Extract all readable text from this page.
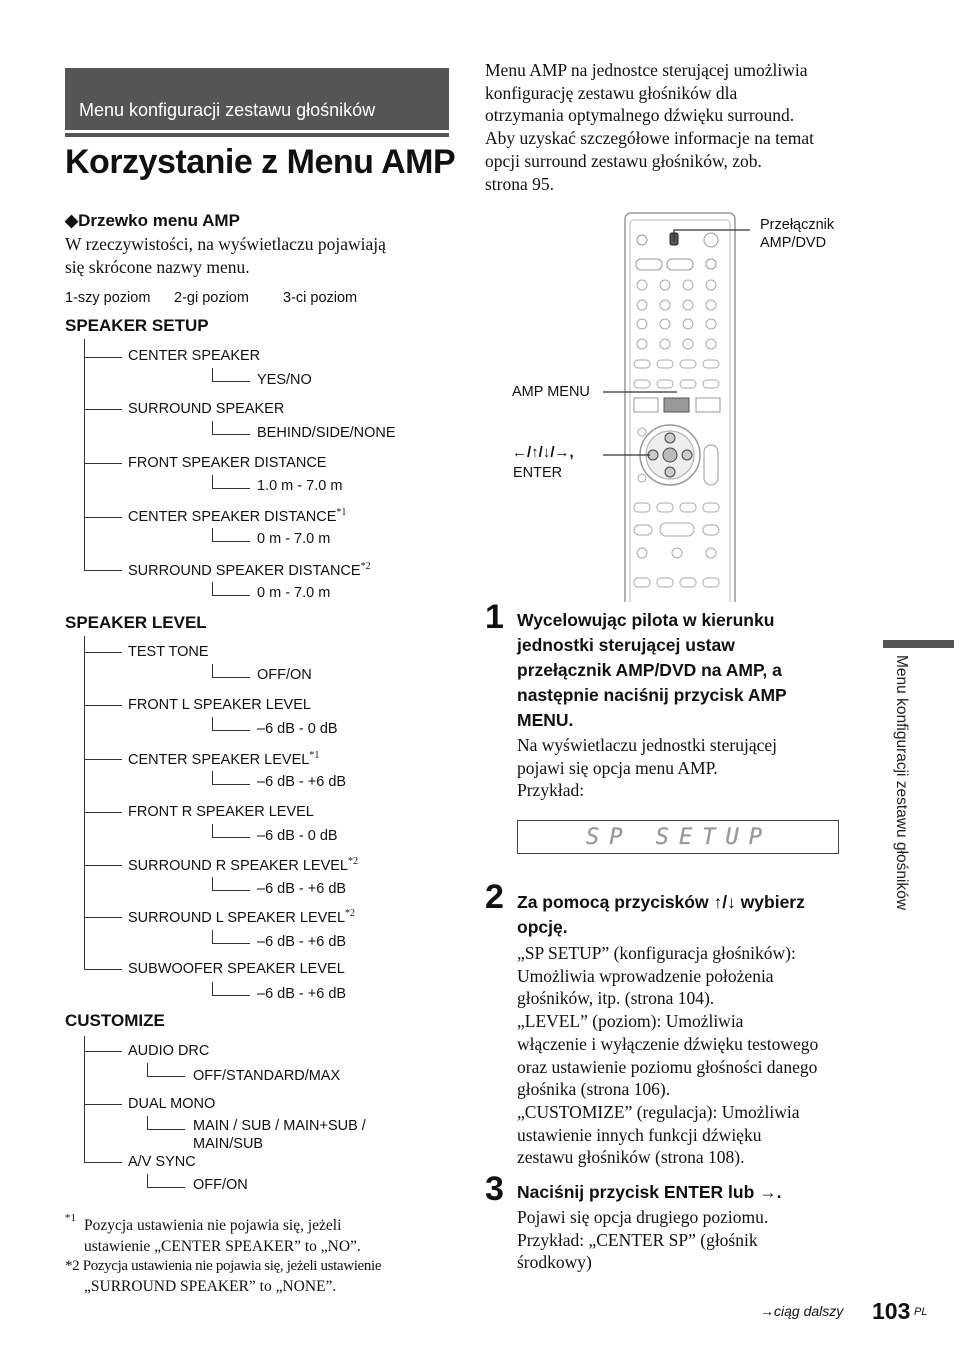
Menu konfiguracji zestawu głośników
Korzystanie z Menu AMP
◆Drzewko menu AMP
W rzeczywistości, na wyświetlaczu pojawiają
się skrócone nazwy menu.
1-szy poziom 2-gi poziom 3-ci poziom
SPEAKER SETUP
CENTER SPEAKER
YES/NO
SURROUND SPEAKER
BEHIND/SIDE/NONE
FRONT SPEAKER DISTANCE
1.0 m - 7.0 m
CENTER SPEAKER DISTANCE$^{*1}$
0 m - 7.0 m
SURROUND SPEAKER DISTANCE$^{*2}$
0 m - 7.0 m
SPEAKER LEVEL
TEST TONE
OFF/ON
FRONT L SPEAKER LEVEL
–6 dB - 0 dB
CENTER SPEAKER LEVEL$^{*1}$
–6 dB - +6 dB
FRONT R SPEAKER LEVEL
–6 dB - 0 dB
SURROUND R SPEAKER LEVEL$^{*2}$
–6 dB - +6 dB
SURROUND L SPEAKER LEVEL$^{*2}$
–6 dB - +6 dB
SUBWOOFER SPEAKER LEVEL
–6 dB - +6 dB
CUSTOMIZE
AUDIO DRC
OFF/STANDARD/MAX
DUAL MONO
MAIN / SUB / MAIN+SUB /
MAIN/SUB
A/V SYNC
OFF/ON
*1 Pozycja ustawienia nie pojawia się, jeżeli
ustawienie „CENTER SPEAKER” to „NO”.
*2 Pozycja ustawienia nie pojawia się, jeżeli ustawienie
„SURROUND SPEAKER” to „NONE”.
Menu AMP na jednostce sterującej umożliwia
konfigurację zestawu głośników dla
otrzymania optymalnego dźwięku surround.
Aby uzyskać szczegółowe informacje na temat
opcji surround zestawu głośników, zob.
strona 95.
Przełącznik
AMP/DVD
AMP MENU
←/↑/↓/→,
ENTER
1 Wycelowując pilota w kierunku
jednostki sterującej ustaw
przełącznik AMP/DVD na AMP, a
następnie naciśnij przycisk AMP
MENU.
Na wyświetlaczu jednostki sterującej
pojawi się opcja menu AMP.
Przykład:
SP SETUP
2 Za pomocą przycisków ↑/↓ wybierz
opcję.
„SP SETUP” (konfiguracja głośników):
Umożliwia wprowadzenie położenia
głośników, itp. (strona 104).
„LEVEL” (poziom): Umożliwia
włączenie i wyłączenie dźwięku testowego
oraz ustawienie poziomu głośności danego
głośnika (strona 106).
„CUSTOMIZE” (regulacja): Umożliwia
ustawienie innych funkcji dźwięku
zestawu głośników (strona 108).
3 Naciśnij przycisk ENTER lub →.
Pojawi się opcja drugiego poziomu.
Przykład: „CENTER SP” (głośnik
środkowy)
Menu konfiguracji zestawu głośników
→ciąg dalszy 103 PL
